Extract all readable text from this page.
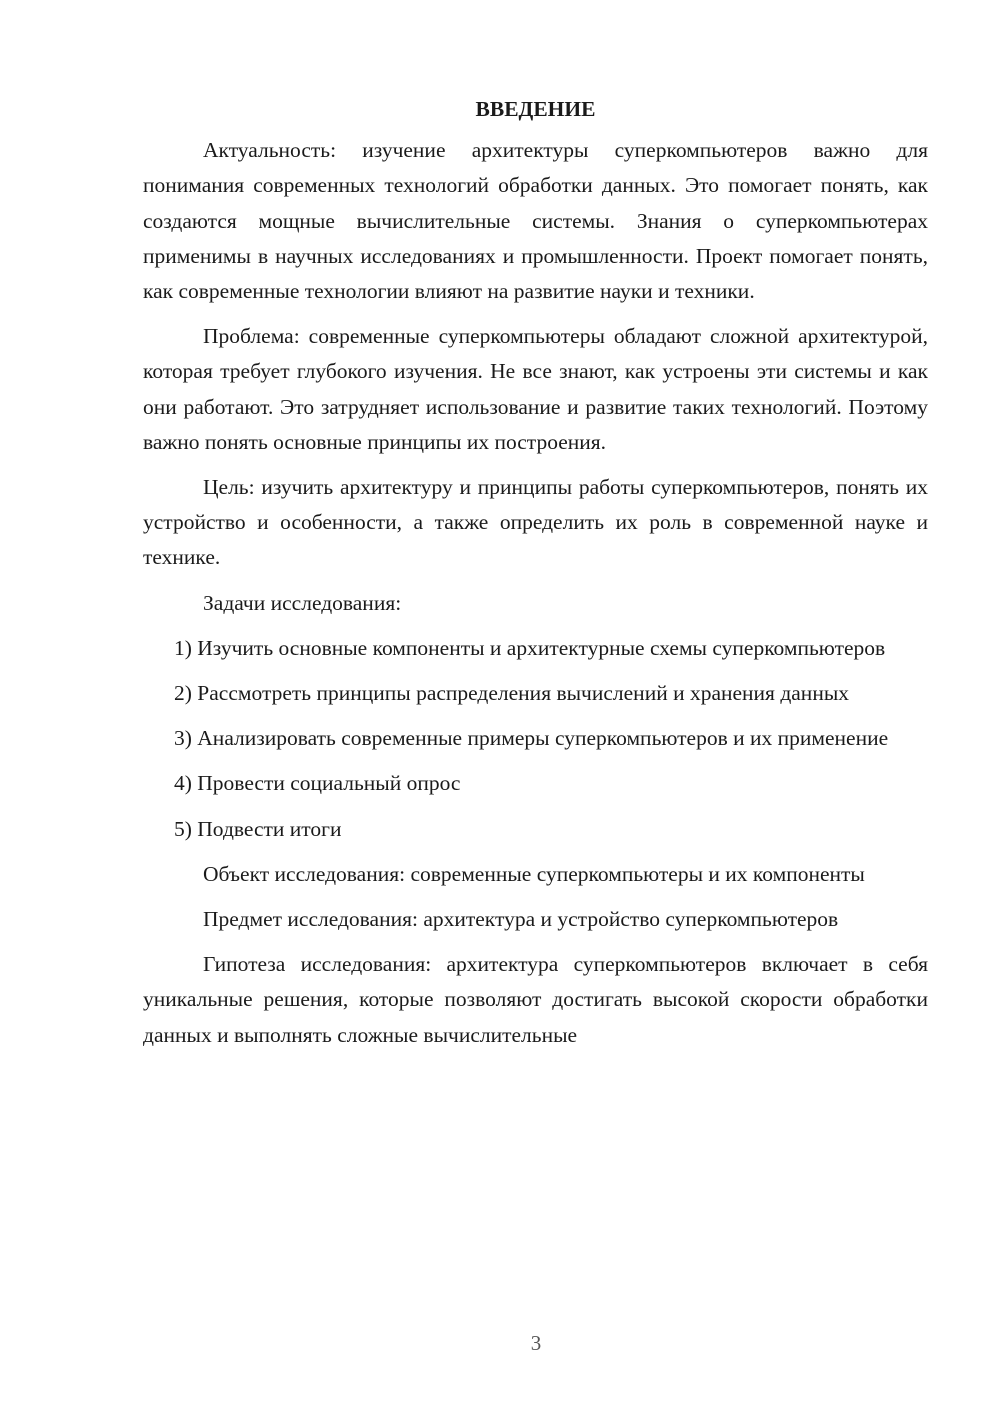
ВВЕДЕНИЕ

Актуальность: изучение архитектуры суперкомпьютеров важно для понимания современных технологий обработки данных. Это помогает понять, как создаются мощные вычислительные системы. Знания о суперкомпьютерах применимы в научных исследованиях и промышленности. Проект помогает понять, как современные технологии влияют на развитие науки и техники.

Проблема: современные суперкомпьютеры обладают сложной архитектурой, которая требует глубокого изучения. Не все знают, как устроены эти системы и как они работают. Это затрудняет использование и развитие таких технологий. Поэтому важно понять основные принципы их построения.

Цель: изучить архитектуру и принципы работы суперкомпьютеров, понять их устройство и особенности, а также определить их роль в современной науке и технике.

Задачи исследования:

1) Изучить основные компоненты и архитектурные схемы суперкомпьютеров

2) Рассмотреть принципы распределения вычислений и хранения данных

3) Анализировать современные примеры суперкомпьютеров и их применение

4) Провести социальный опрос

5) Подвести итоги

Объект исследования: современные суперкомпьютеры и их компоненты

Предмет исследования: архитектура и устройство суперкомпьютеров

Гипотеза исследования: архитектура суперкомпьютеров включает в себя уникальные решения, которые позволяют достигать высокой скорости обработки данных и выполнять сложные вычислительные

3
